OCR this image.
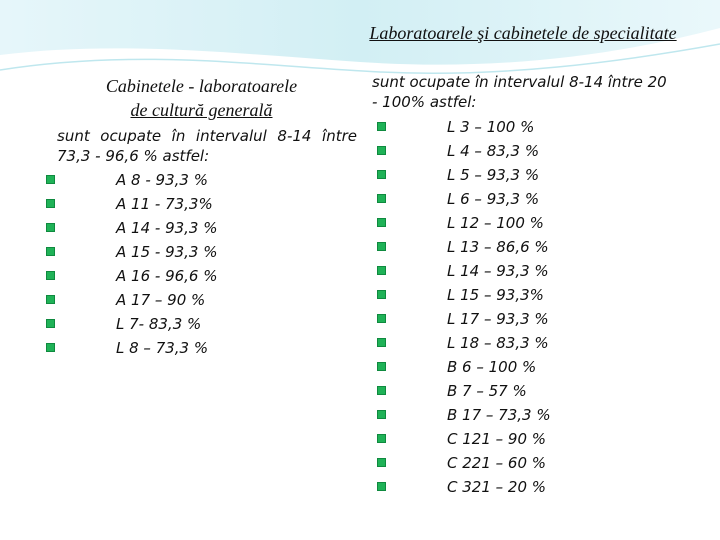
Laboratoarele şi cabinetele de specialitate
Cabinetele - laboratoarele
de cultură generală
sunt ocupate în intervalul 8-14 între 73,3 - 96,6 % astfel:
A 8 - 93,3 %
A 11 - 73,3%
A 14 - 93,3 %
A 15 - 93,3 %
A 16 - 96,6 %
A 17 – 90 %
L 7- 83,3 %
L 8 – 73,3 %
sunt ocupate în intervalul 8-14 între 20 - 100% astfel:
L 3 – 100 %
L 4 – 83,3 %
L 5 – 93,3 %
L 6 – 93,3 %
L 12 – 100 %
L 13 – 86,6 %
L 14 – 93,3 %
L 15 – 93,3%
L 17 – 93,3 %
L 18 – 83,3 %
B 6 – 100 %
B 7 – 57 %
B 17 – 73,3 %
C 121 – 90 %
C 221 – 60 %
C 321 – 20 %
